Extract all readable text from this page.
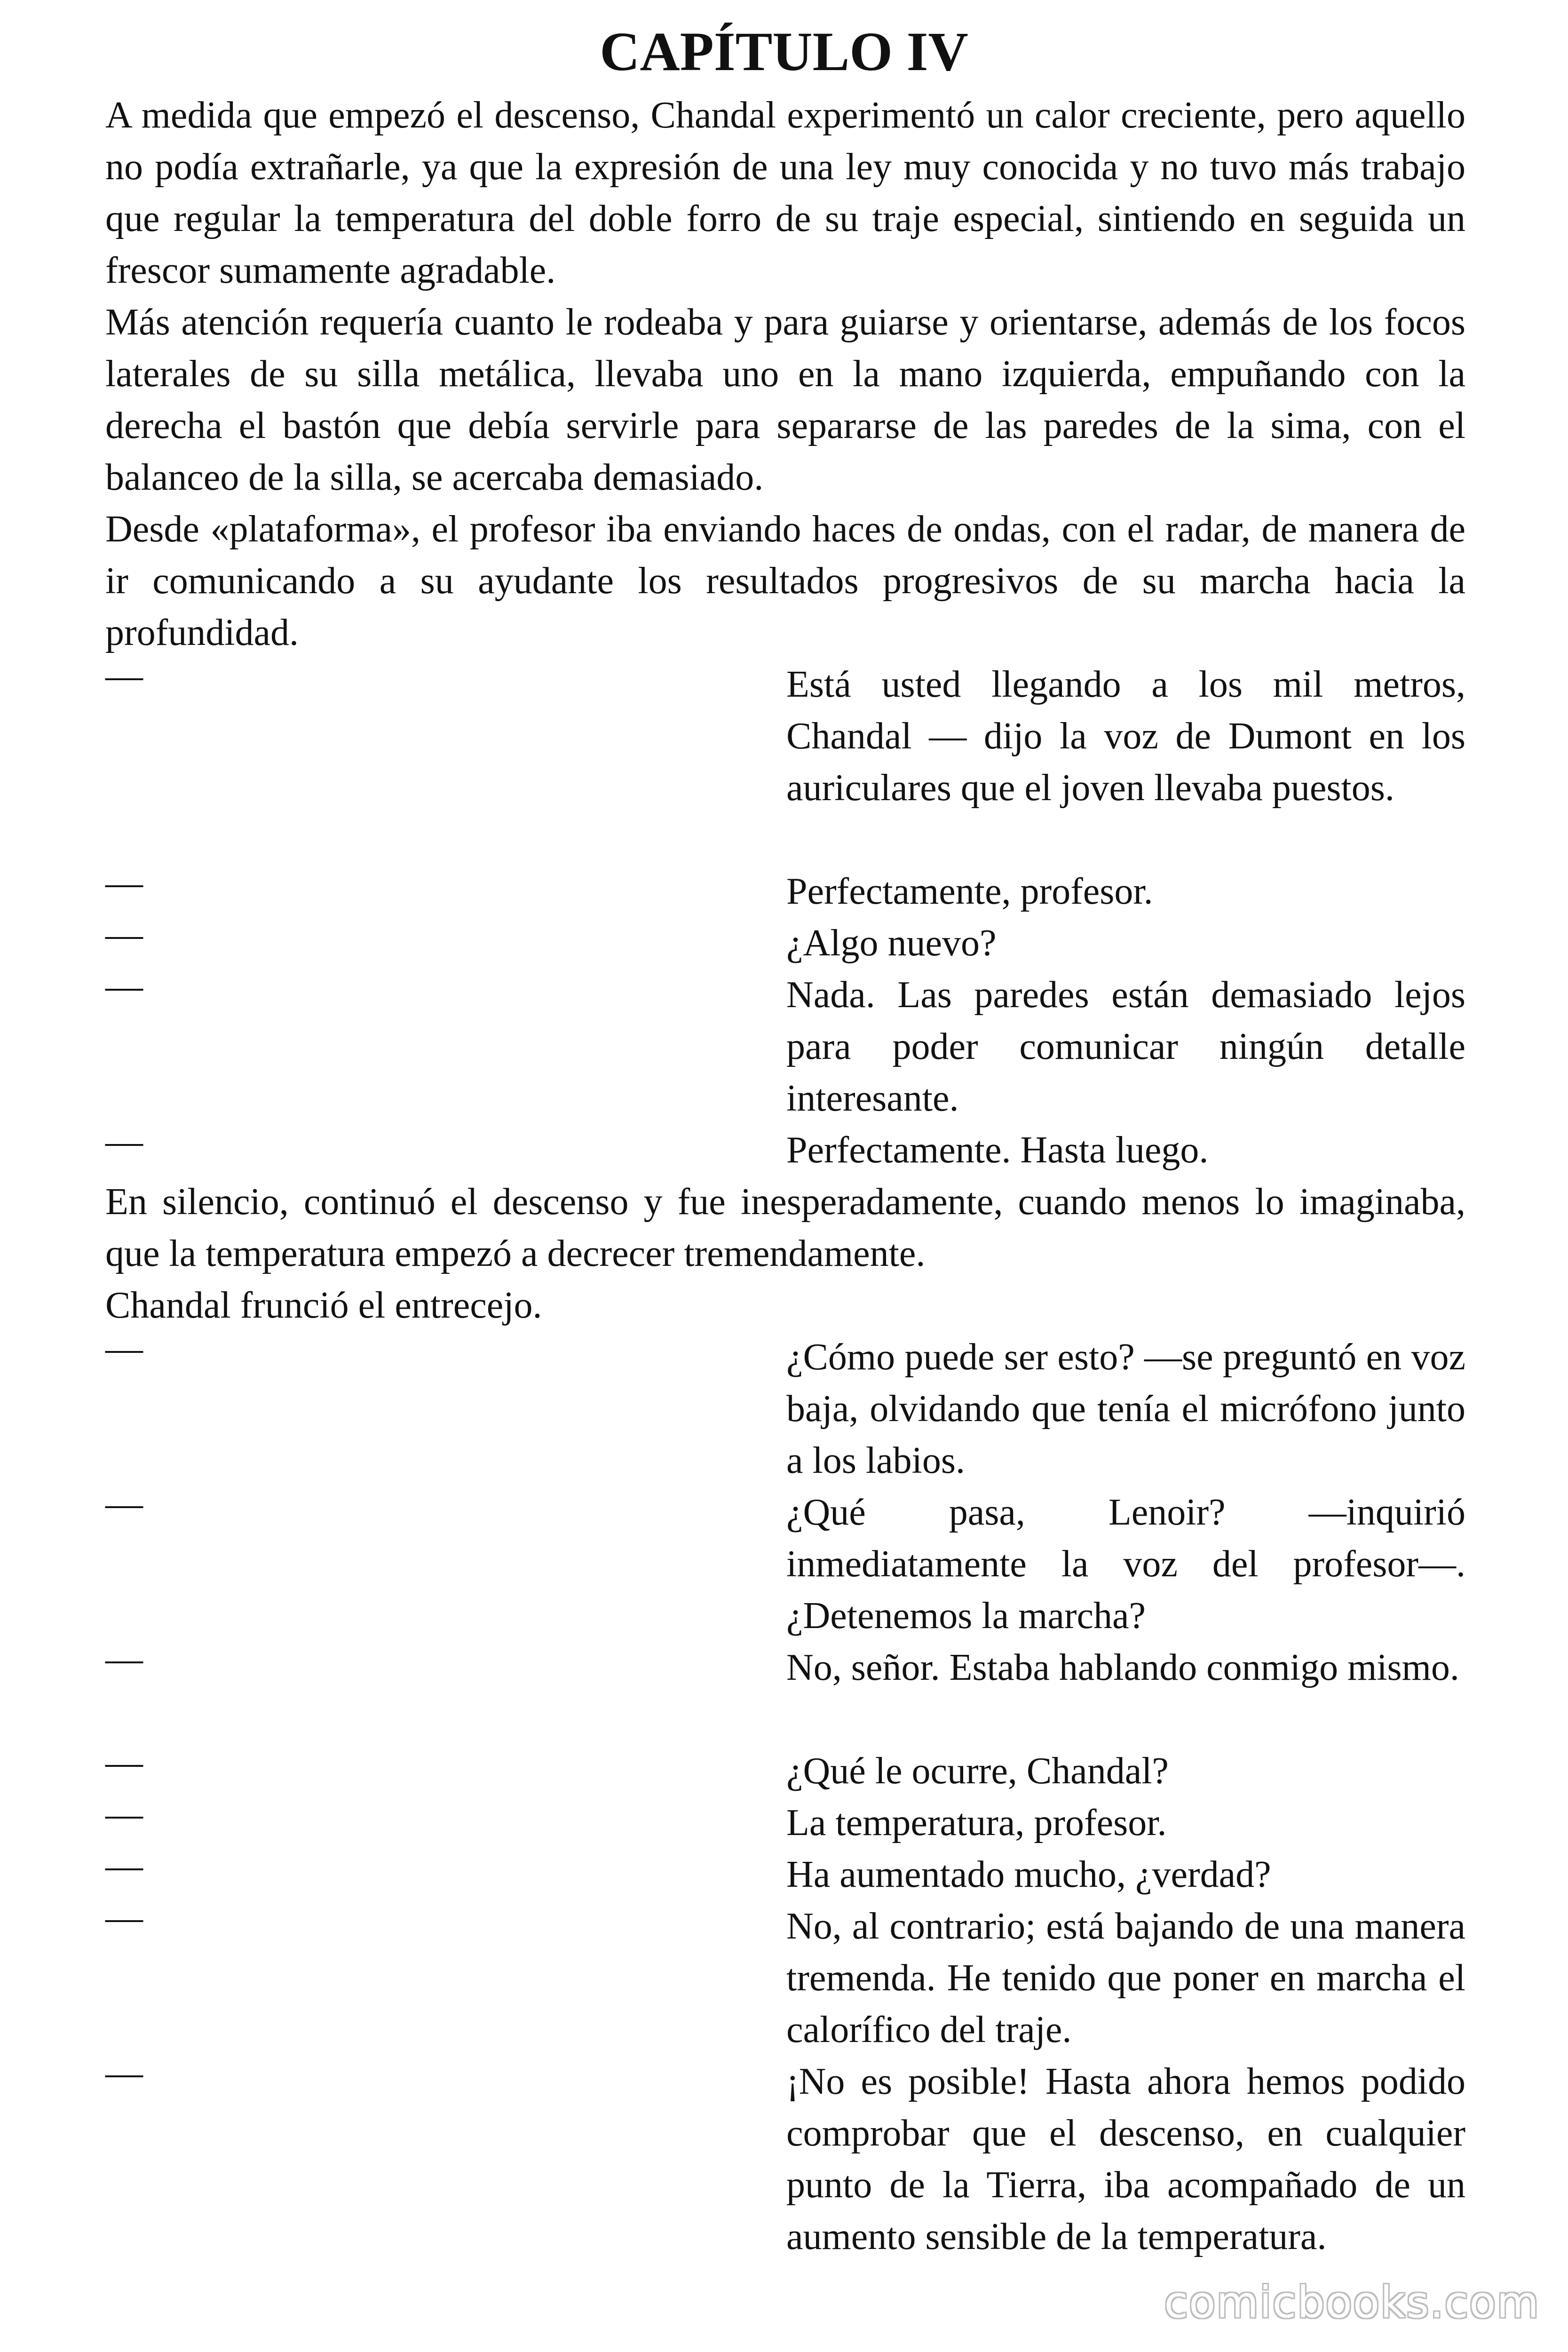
CAPÍTULO IV

A medida que empezó el descenso, Chandal experimentó un calor creciente, pero aquello no podía extrañarle, ya que la expresión de una ley muy conocida y no tuvo más trabajo que regular la temperatura del doble forro de su traje especial, sintiendo en seguida un frescor sumamente agradable.

Más atención requería cuanto le rodeaba y para guiarse y orientarse, además de los focos laterales de su silla metálica, llevaba uno en la mano izquierda, empuñando con la derecha el bastón que debía servirle para separarse de las paredes de la sima, con el balanceo de la silla, se acercaba demasiado.

Desde «plataforma», el profesor iba enviando haces de ondas, con el radar, de manera de ir comunicando a su ayudante los resultados progresivos de su marcha hacia la profundidad.

—	Está usted llegando a los mil metros, Chandal — dijo la voz de Dumont en los auriculares que el joven llevaba puestos.

—	Perfectamente, profesor.

—	¿Algo nuevo?

—	Nada. Las paredes están demasiado lejos para poder comunicar ningún detalle interesante.

—	Perfectamente. Hasta luego.

En silencio, continuó el descenso y fue inesperadamente, cuando menos lo imaginaba, que la temperatura empezó a decrecer tremendamente.

Chandal frunció el entrecejo.

—	¿Cómo puede ser esto? —se preguntó en voz baja, olvidando que tenía el micrófono junto a los labios.

—	¿Qué pasa, Lenoir? —inquirió inmediatamente la voz del profesor—. ¿Detenemos la marcha?

—	No, señor. Estaba hablando conmigo mismo.

—	¿Qué le ocurre, Chandal?

—	La temperatura, profesor.

—	Ha aumentado mucho, ¿verdad?

—	No, al contrario; está bajando de una manera tremenda. He tenido que poner en marcha el calorífico del traje.

—	¡No es posible! Hasta ahora hemos podido comprobar que el descenso, en cualquier punto de la Tierra, iba acompañado de un aumento sensible de la temperatura.

comicbooks.com
